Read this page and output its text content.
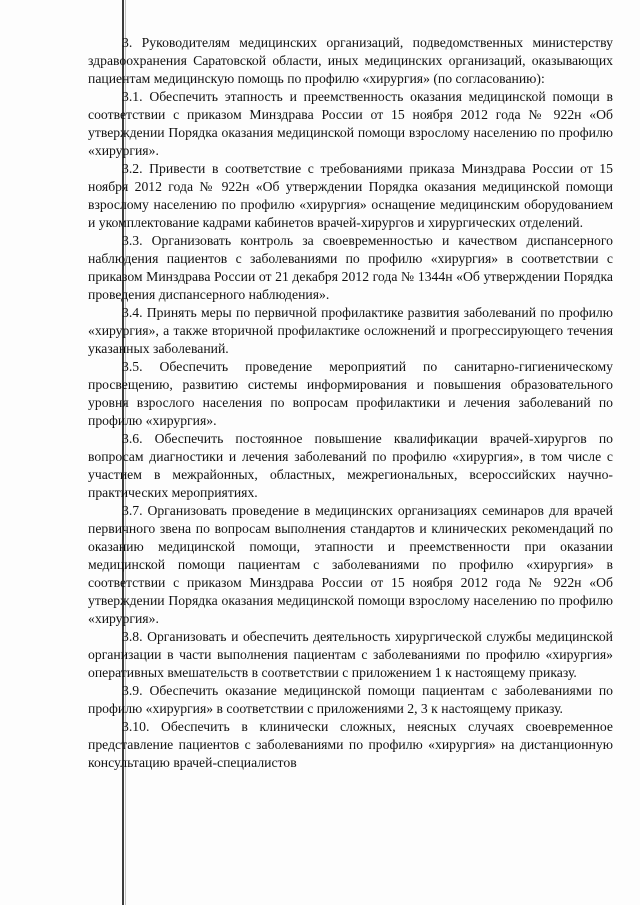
3. Руководителям медицинских организаций, подведомственных министерству здравоохранения Саратовской области, иных медицинских организаций, оказывающих пациентам медицинскую помощь по профилю «хирургия» (по согласованию):

3.1. Обеспечить этапность и преемственность оказания медицинской помощи в соответствии с приказом Минздрава России от 15 ноября 2012 года № 922н «Об утверждении Порядка оказания медицинской помощи взрослому населению по профилю «хирургия».

3.2. Привести в соответствие с требованиями приказа Минздрава России от 15 ноября 2012 года № 922н «Об утверждении Порядка оказания медицинской помощи взрослому населению по профилю «хирургия» оснащение медицинским оборудованием и укомплектование кадрами кабинетов врачей-хирургов и хирургических отделений.

3.3. Организовать контроль за своевременностью и качеством диспансерного наблюдения пациентов с заболеваниями по профилю «хирургия» в соответствии с приказом Минздрава России от 21 декабря 2012 года № 1344н «Об утверждении Порядка проведения диспансерного наблюдения».

3.4. Принять меры по первичной профилактике развития заболеваний по профилю «хирургия», а также вторичной профилактике осложнений и прогрессирующего течения указанных заболеваний.

3.5. Обеспечить проведение мероприятий по санитарно-гигиеническому просвещению, развитию системы информирования и повышения образовательного уровня взрослого населения по вопросам профилактики и лечения заболеваний по профилю «хирургия».

3.6. Обеспечить постоянное повышение квалификации врачей-хирургов по вопросам диагностики и лечения заболеваний по профилю «хирургия», в том числе с участием в межрайонных, областных, межрегиональных, всероссийских научно-практических мероприятиях.

3.7. Организовать проведение в медицинских организациях семинаров для врачей первичного звена по вопросам выполнения стандартов и клинических рекомендаций по оказанию медицинской помощи, этапности и преемственности при оказании медицинской помощи пациентам с заболеваниями по профилю «хирургия» в соответствии с приказом Минздрава России от 15 ноября 2012 года № 922н «Об утверждении Порядка оказания медицинской помощи взрослому населению по профилю «хирургия».

3.8. Организовать и обеспечить деятельность хирургической службы медицинской организации в части выполнения пациентам с заболеваниями по профилю «хирургия» оперативных вмешательств в соответствии с приложением 1 к настоящему приказу.

3.9. Обеспечить оказание медицинской помощи пациентам с заболеваниями по профилю «хирургия» в соответствии с приложениями 2, 3 к настоящему приказу.

3.10. Обеспечить в клинически сложных, неясных случаях своевременное представление пациентов с заболеваниями по профилю «хирургия» на дистанционную консультацию врачей-специалистов
